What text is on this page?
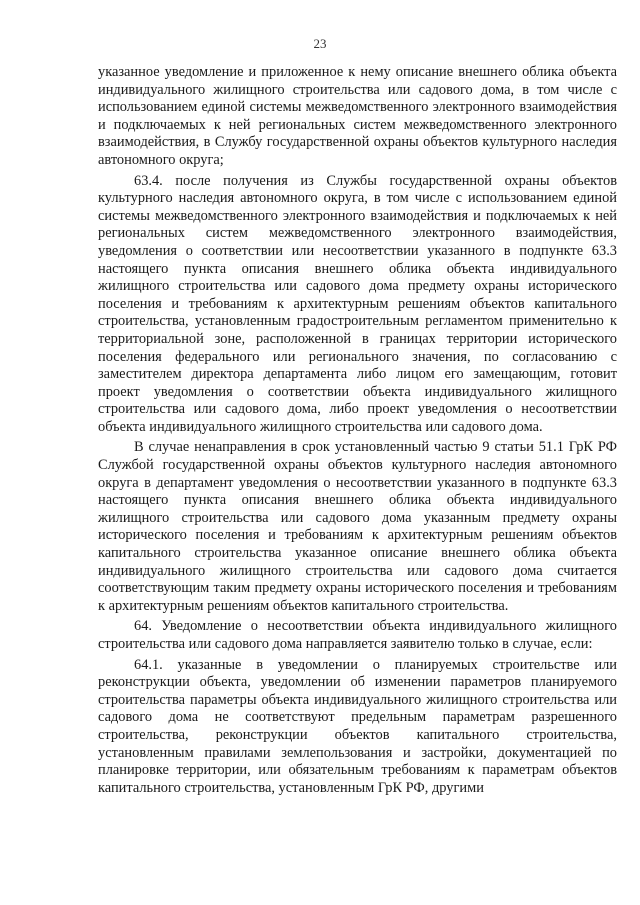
23

указанное уведомление и приложенное к нему описание внешнего облика объекта индивидуального жилищного строительства или садового дома, в том числе с использованием единой системы межведомственного электронного взаимодействия и подключаемых к ней региональных систем межведомственного электронного взаимодействия, в Службу государственной охраны объектов культурного наследия автономного округа;

63.4. после получения из Службы государственной охраны объектов культурного наследия автономного округа, в том числе с использованием единой системы межведомственного электронного взаимодействия и подключаемых к ней региональных систем межведомственного электронного взаимодействия, уведомления о соответствии или несоответствии указанного в подпункте 63.3 настоящего пункта описания внешнего облика объекта индивидуального жилищного строительства или садового дома предмету охраны исторического поселения и требованиям к архитектурным решениям объектов капитального строительства, установленным градостроительным регламентом применительно к территориальной зоне, расположенной в границах территории исторического поселения федерального или регионального значения, по согласованию с заместителем директора департамента либо лицом его замещающим, готовит проект уведомления о соответствии объекта индивидуального жилищного строительства или садового дома, либо проект уведомления о несоответствии объекта индивидуального жилищного строительства или садового дома.

В случае ненаправления в срок установленный частью 9 статьи 51.1 ГрК РФ Службой государственной охраны объектов культурного наследия автономного округа в департамент уведомления о несоответствии указанного в подпункте 63.3 настоящего пункта описания внешнего облика объекта индивидуального жилищного строительства или садового дома указанным предмету охраны исторического поселения и требованиям к архитектурным решениям объектов капитального строительства указанное описание внешнего облика объекта индивидуального жилищного строительства или садового дома считается соответствующим таким предмету охраны исторического поселения и требованиям к архитектурным решениям объектов капитального строительства.

64. Уведомление о несоответствии объекта индивидуального жилищного строительства или садового дома направляется заявителю только в случае, если:

64.1. указанные в уведомлении о планируемых строительстве или реконструкции объекта, уведомлении об изменении параметров планируемого строительства параметры объекта индивидуального жилищного строительства или садового дома не соответствуют предельным параметрам разрешенного строительства, реконструкции объектов капитального строительства, установленным правилами землепользования и застройки, документацией по планировке территории, или обязательным требованиям к параметрам объектов капитального строительства, установленным ГрК РФ, другими
